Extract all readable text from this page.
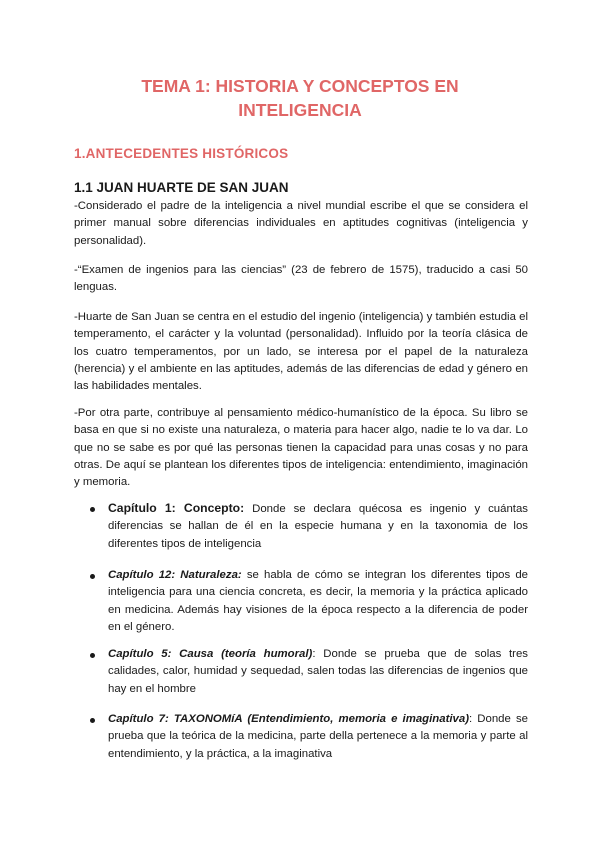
TEMA 1: HISTORIA Y CONCEPTOS EN
INTELIGENCIA
1.ANTECEDENTES HISTÓRICOS
1.1 JUAN HUARTE DE SAN JUAN

-Considerado el padre de la inteligencia a nivel mundial escribe el que se considera el primer manual sobre diferencias individuales en aptitudes cognitivas (inteligencia y personalidad).

-“Examen de ingenios para las ciencias” (23 de febrero de 1575), traducido a casi 50 lenguas.

-Huarte de San Juan se centra en el estudio del ingenio (inteligencia) y también estudia el temperamento, el carácter y la voluntad (personalidad). Influido por la teoría clásica de los cuatro temperamentos, por un lado, se interesa por el papel de la naturaleza (herencia) y el ambiente en las aptitudes, además de las diferencias de edad y género en las habilidades mentales.

-Por otra parte, contribuye al pensamiento médico-humanístico de la época. Su libro se basa en que si no existe una naturaleza, o materia para hacer algo, nadie te lo va dar. Lo que no se sabe es por qué las personas tienen la capacidad para unas cosas y no para otras. De aquí se plantean los diferentes tipos de inteligencia: entendimiento, imaginación y memoria.

Capítulo 1: Concepto: Donde se declara quécosa es ingenio y cuántas diferencias se hallan de él en la especie humana y en la taxonomia de los diferentes tipos de inteligencia
Capítulo 12: Naturaleza: se habla de cómo se integran los diferentes tipos de inteligencia para una ciencia concreta, es decir, la memoria y la práctica aplicado en medicina. Además hay visiones de la época respecto a la diferencia de poder en el género.
Capítulo 5: Causa (teoría humoral): Donde se prueba que de solas tres calidades, calor, humidad y sequedad, salen todas las diferencias de ingenios que hay en el hombre
Capítulo 7: TAXONOMíA (Entendimiento, memoria e imaginativa): Donde se prueba que la teórica de la medicina, parte della pertenece a la memoria y parte al entendimiento, y la práctica, a la imaginativa
